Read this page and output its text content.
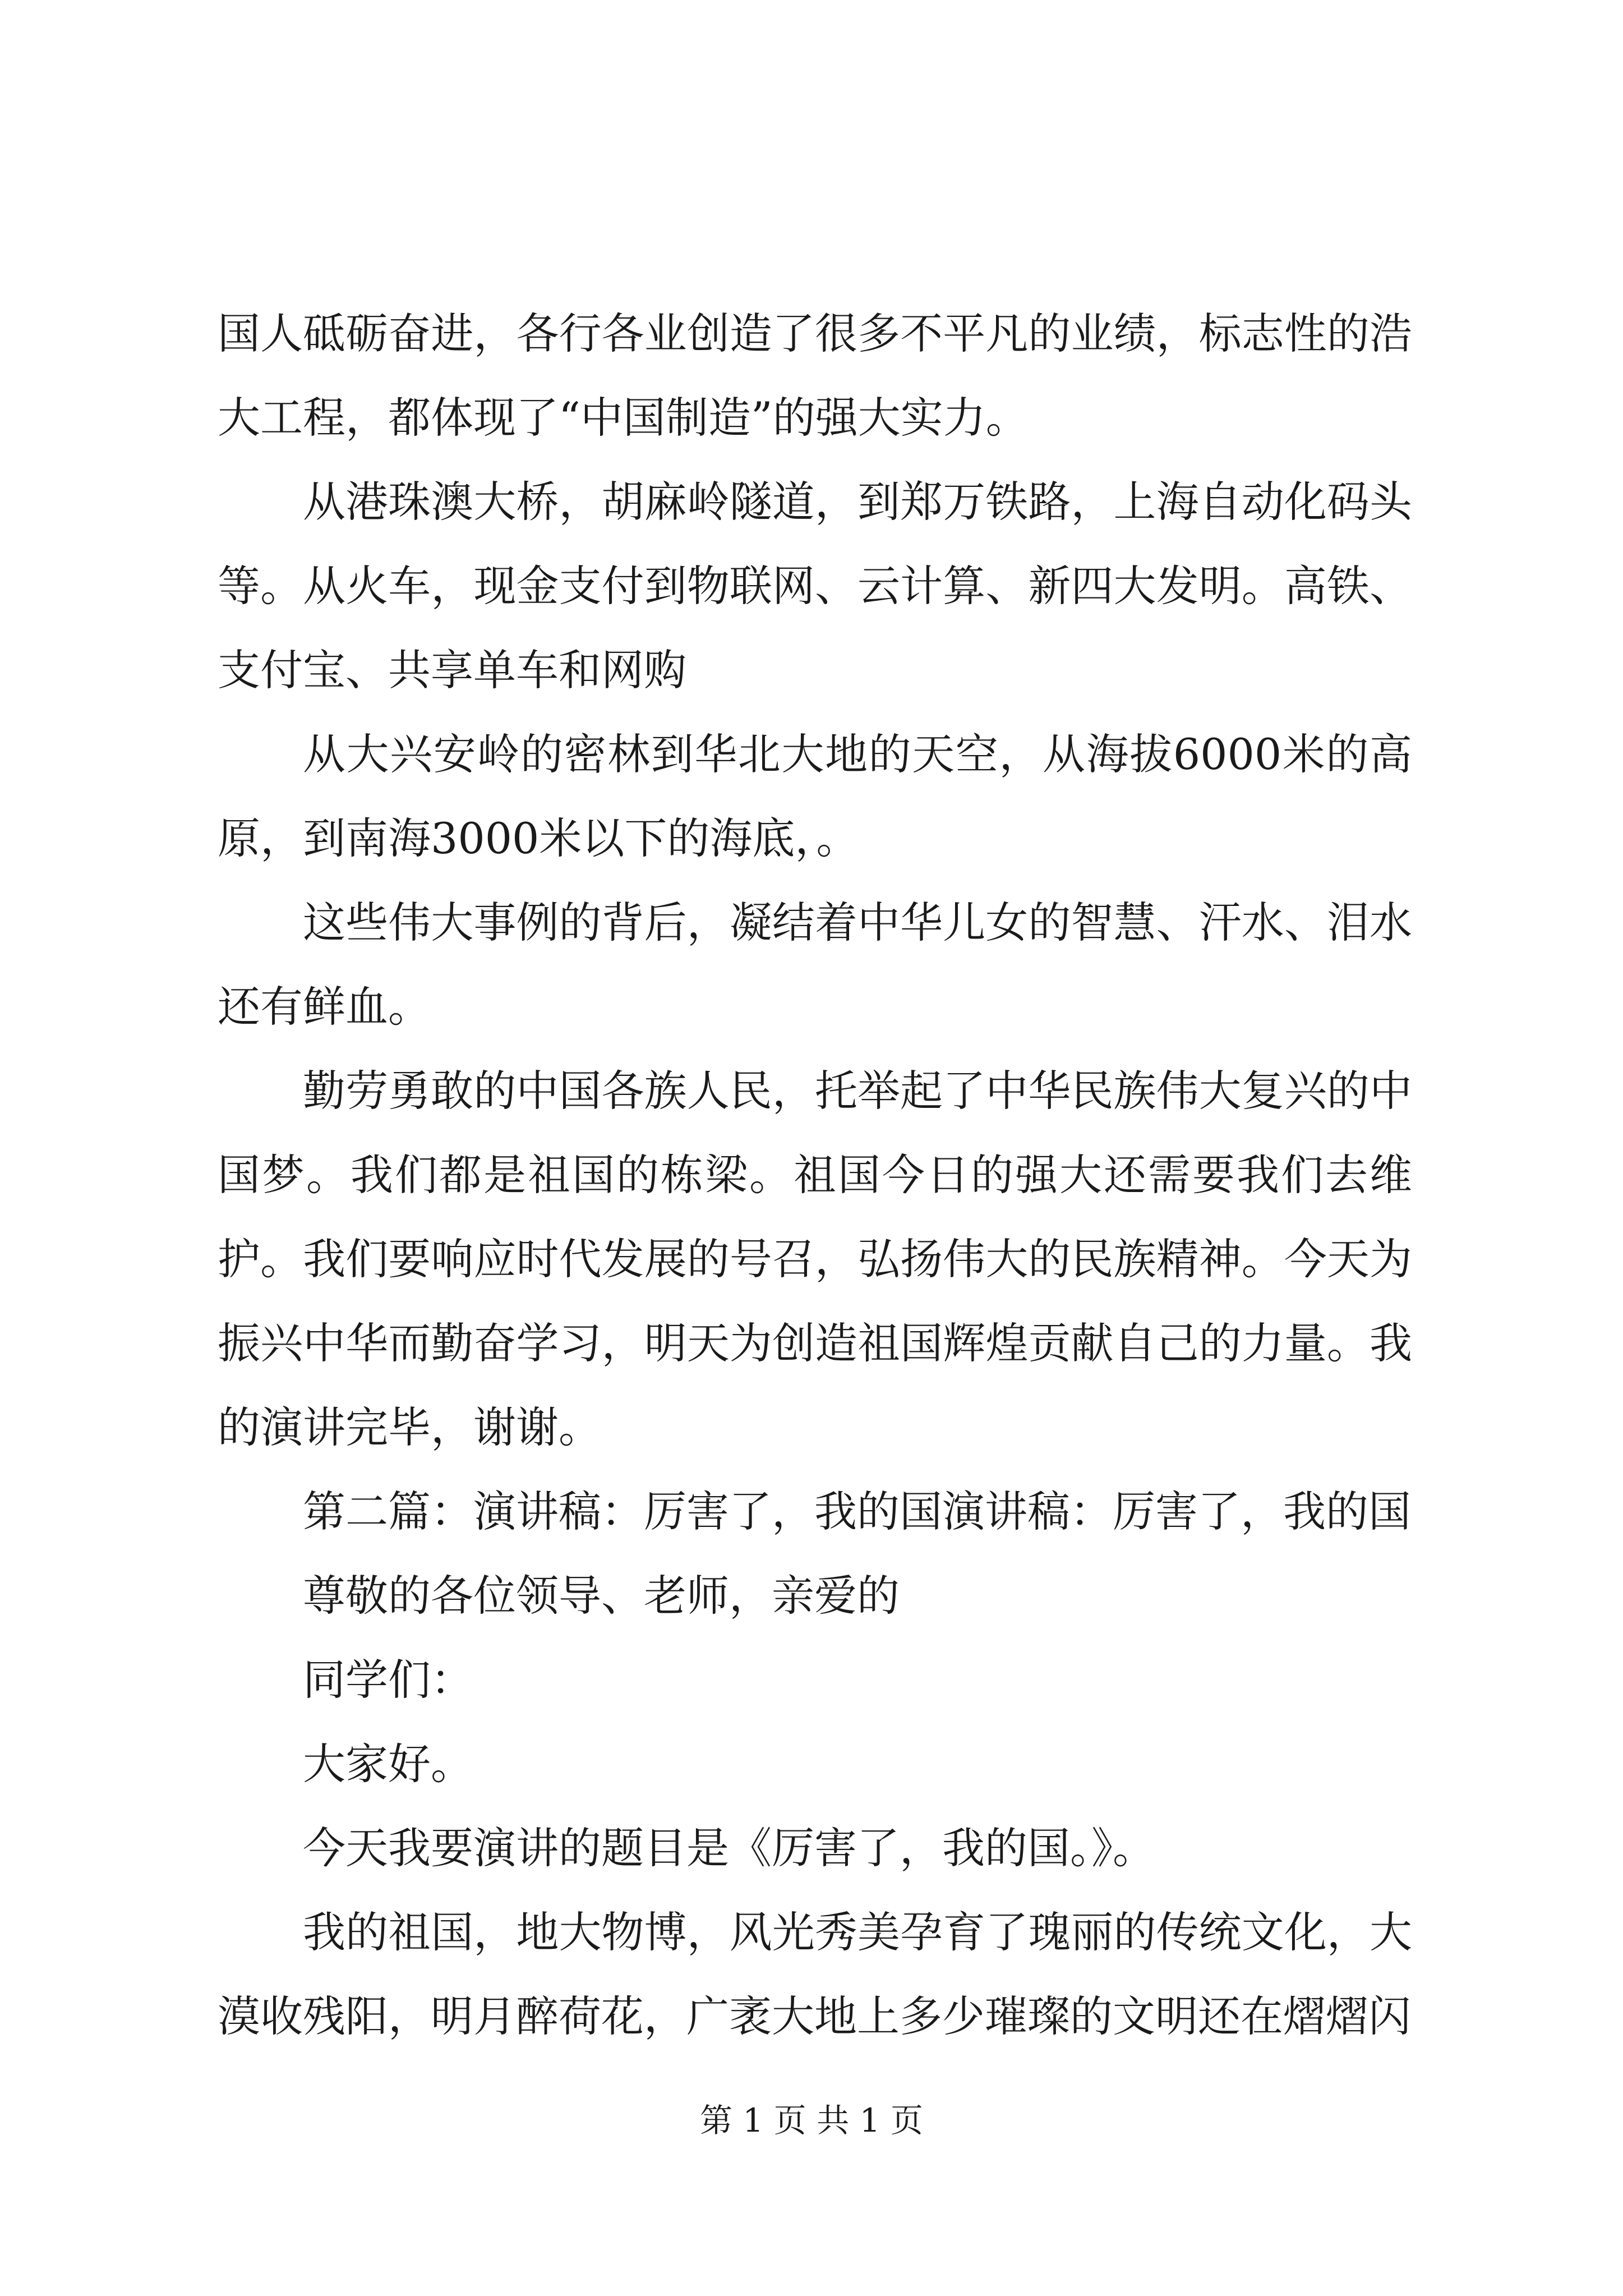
国人砥砺奋进，各行各业创造了很多不平凡的业绩，标志性的浩大工程，都体现了“中国制造”的强大实力。

从港珠澳大桥，胡麻岭隧道，到郑万铁路，上海自动化码头等。从火车，现金支付到物联网、云计算、新四大发明。高铁、支付宝、共享单车和网购

从大兴安岭的密林到华北大地的天空，从海拔6000米的高原，到南海3000米以下的海底，。

这些伟大事例的背后，凝结着中华儿女的智慧、汗水、泪水还有鲜血。

勤劳勇敢的中国各族人民，托举起了中华民族伟大复兴的中国梦。我们都是祖国的栋梁。祖国今日的强大还需要我们去维护。我们要响应时代发展的号召，弘扬伟大的民族精神。今天为振兴中华而勤奋学习，明天为创造祖国辉煌贡献自己的力量。我的演讲完毕，谢谢。

第二篇：演讲稿：厉害了，我的国演讲稿：厉害了，我的国

尊敬的各位领导、老师，亲爱的

同学们：

大家好。

今天我要演讲的题目是《厉害了，我的国。》。

我的祖国，地大物博，风光秀美孕育了瑰丽的传统文化，大漠收残阳，明月醉荷花，广袤大地上多少璀璨的文明还在熠熠闪

第 1 页 共 1 页
